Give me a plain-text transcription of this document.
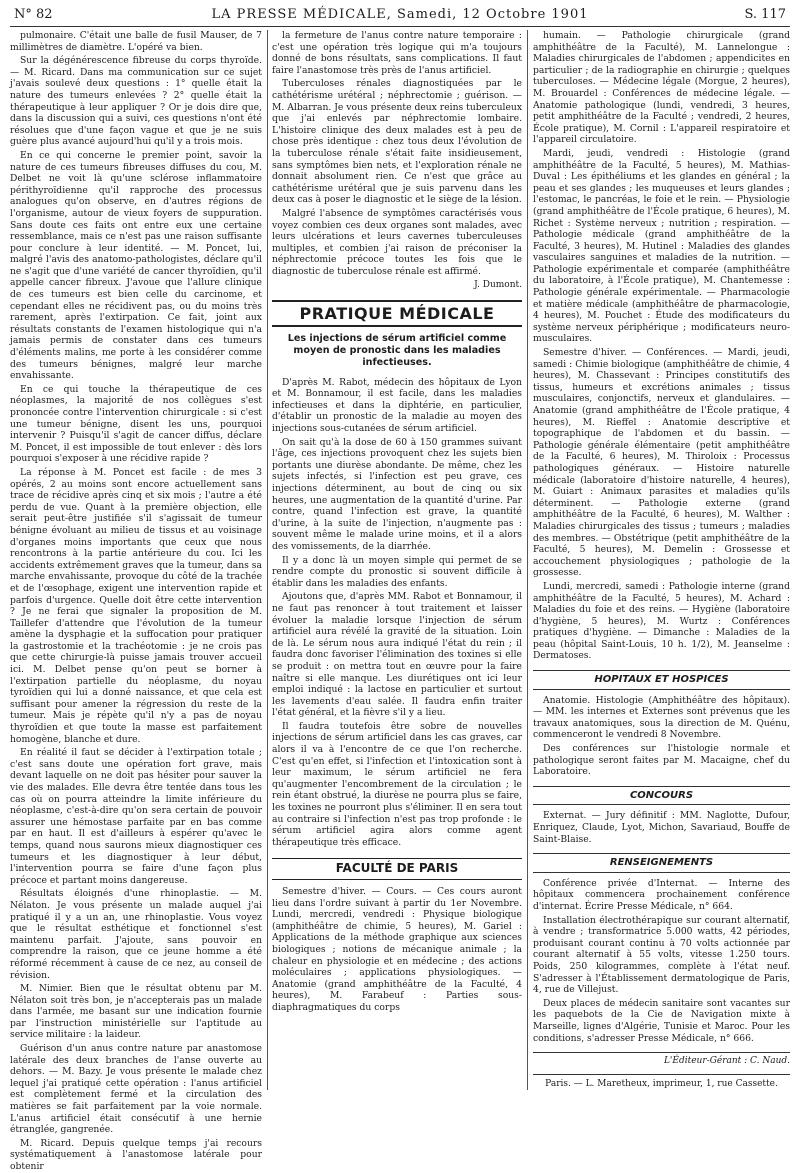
N° 82	LA PRESSE MÉDICALE, Samedi, 12 Octobre 1901	S. 117

pulmonaire. C'était une balle de fusil Mauser, de 7 millimètres de diamètre. L'opéré va bien.

Sur la dégénérescence fibreuse du corps thyroïde. — M. Ricard. Dans ma communication sur ce sujet j'avais soulevé deux questions : 1° quelle était la nature des tumeurs enlevées ? 2° quelle était la thérapeutique à leur appliquer ? Or je dois dire que, dans la discussion qui a suivi, ces questions n'ont été résolues que d'une façon vague et que je ne suis guère plus avancé aujourd'hui qu'il y a trois mois.

En ce qui concerne le premier point, savoir la nature de ces tumeurs fibreuses diffuses du cou, M. Delbet ne voit là qu'une sclérose inflammatoire périthyroïdienne qu'il rapproche des processus analogues qu'on observe, en d'autres régions de l'organisme, autour de vieux foyers de suppuration. Sans doute ces faits ont entre eux une certaine ressemblance, mais ce n'est pas une raison suffisante pour conclure à leur identité. — M. Poncet, lui, malgré l'avis des anatomo-pathologistes, déclare qu'il ne s'agit que d'une variété de cancer thyroïdien, qu'il appelle cancer fibreux. J'avoue que l'allure clinique de ces tumeurs est bien celle du carcinome, et cependant elles ne récidivent pas, ou du moins très rarement, après l'extirpation. Ce fait, joint aux résultats constants de l'examen histologique qui n'a jamais permis de constater dans ces tumeurs d'éléments malins, me porte à les considérer comme des tumeurs bénignes, malgré leur marche envahissante.

En ce qui touche la thérapeutique de ces néoplasmes, la majorité de nos collègues s'est prononcée contre l'intervention chirurgicale : si c'est une tumeur bénigne, disent les uns, pourquoi intervenir ? Puisqu'il s'agit de cancer diffus, déclare M. Poncet, il est impossible de tout enlever : dès lors pourquoi s'exposer à une récidive rapide ?

La réponse à M. Poncet est facile : de mes 3 opérés, 2 au moins sont encore actuellement sans trace de récidive après cinq et six mois ; l'autre a été perdu de vue. Quant à la première objection, elle serait peut-être justifiée s'il s'agissait de tumeur bénigne évoluant au milieu de tissus et au voisinage d'organes moins importants que ceux que nous rencontrons à la partie antérieure du cou. Ici les accidents extrêmement graves que la tumeur, dans sa marche envahissante, provoque du côté de la trachée et de l'œsophage, exigent une intervention rapide et parfois d'urgence. Quelle doit être cette intervention ? Je ne ferai que signaler la proposition de M. Taillefer d'attendre que l'évolution de la tumeur amène la dysphagie et la suffocation pour pratiquer la gastrostomie et la trachéotomie : je ne crois pas que cette chirurgie-là puisse jamais trouver accueil ici. M. Delbet pense qu'on peut se borner à l'extirpation partielle du néoplasme, du noyau tyroïdien qui lui a donné naissance, et que cela est suffisant pour amener la régression du reste de la tumeur. Mais je répète qu'il n'y a pas de noyau thyroïdien et que toute la masse est parfaitement homogène, blanche et dure.

En réalité il faut se décider à l'extirpation totale ; c'est sans doute une opération fort grave, mais devant laquelle on ne doit pas hésiter pour sauver la vie des malades. Elle devra être tentée dans tous les cas où on pourra atteindre la limite inférieure du néoplasme, c'est-à-dire qu'on sera certain de pouvoir assurer une hémostase parfaite par en bas comme par en haut. Il est d'ailleurs à espérer qu'avec le temps, quand nous saurons mieux diagnostiquer ces tumeurs et les diagnostiquer à leur début, l'intervention pourra se faire d'une façon plus précoce et partant moins dangereuse.

Résultats éloignés d'une rhinoplastie. — M. Nélaton. Je vous présente un malade auquel j'ai pratiqué il y a un an, une rhinoplastie. Vous voyez que le résultat esthétique et fonctionnel s'est maintenu parfait. J'ajoute, sans pouvoir en comprendre la raison, que ce jeune homme a été réformé récemment à cause de ce nez, au conseil de révision.

M. Nimier. Bien que le résultat obtenu par M. Nélaton soit très bon, je n'accepterais pas un malade dans l'armée, me basant sur une indication fournie par l'instruction ministérielle sur l'aptitude au service militaire : la laideur.

Guérison d'un anus contre nature par anastomose latérale des deux branches de l'anse ouverte au dehors. — M. Bazy. Je vous présente le malade chez lequel j'ai pratiqué cette opération : l'anus artificiel est complètement fermé et la circulation des matières se fait parfaitement par la voie normale. L'anus artificiel était consécutif à une hernie étranglée, gangrenée.

M. Ricard. Depuis quelque temps j'ai recours systématiquement à l'anastomose latérale pour obtenir

la fermeture de l'anus contre nature temporaire : c'est une opération très logique qui m'a toujours donné de bons résultats, sans complications. Il faut faire l'anastomose très près de l'anus artificiel.

Tuberculoses rénales diagnostiquées par le cathétérisme urétéral ; néphrectomie ; guérison. — M. Albarran. Je vous présente deux reins tuberculeux que j'ai enlevés par néphrectomie lombaire. L'histoire clinique des deux malades est à peu de chose près identique : chez tous deux l'évolution de la tuberculose rénale s'était faite insidieusement, sans symptômes bien nets, et l'exploration rénale ne donnait absolument rien. Ce n'est que grâce au cathétérisme urétéral que je suis parvenu dans les deux cas à poser le diagnostic et le siège de la lésion.

Malgré l'absence de symptômes caractérisés vous voyez combien ces deux organes sont malades, avec leurs ulcérations et leurs cavernes tuberculeuses multiples, et combien j'ai raison de préconiser la néphrectomie précoce toutes les fois que le diagnostic de tuberculose rénale est affirmé.

J. Dumont.
PRATIQUE MÉDICALE
Les injections de sérum artificiel comme moyen de pronostic dans les maladies infectieuses.

D'après M. Rabot, médecin des hôpitaux de Lyon et M. Bonnamour, il est facile, dans les maladies infectieuses et dans la diphtérie, en particulier, d'établir un pronostic de la maladie au moyen des injections sous-cutanées de sérum artificiel.

On sait qu'à la dose de 60 à 150 grammes suivant l'âge, ces injections provoquent chez les sujets bien portants une diurèse abondante. De même, chez les sujets infectés, si l'infection est peu grave, ces injections déterminent, au bout de cinq ou six heures, une augmentation de la quantité d'urine. Par contre, quand l'infection est grave, la quantité d'urine, à la suite de l'injection, n'augmente pas : souvent même le malade urine moins, et il a alors des vomissements, de la diarrhée.

Il y a donc là un moyen simple qui permet de se rendre compte du pronostic si souvent difficile à établir dans les maladies des enfants.

Ajoutons que, d'après MM. Rabot et Bonnamour, il ne faut pas renoncer à tout traitement et laisser évoluer la maladie lorsque l'injection de sérum artificiel aura révélé la gravité de la situation. Loin de là. Le sérum nous aura indiqué l'état du rein ; il faudra donc favoriser l'élimination des toxines si elle se produit : on mettra tout en œuvre pour la faire naître si elle manque. Les diurétiques ont ici leur emploi indiqué : la lactose en particulier et surtout les lavements d'eau salée. Il faudra enfin traiter l'état général, et la fièvre s'il y a lieu.

Il faudra toutefois être sobre de nouvelles injections de sérum artificiel dans les cas graves, car alors il va à l'encontre de ce que l'on recherche. C'est qu'en effet, si l'infection et l'intoxication sont à leur maximum, le sérum artificiel ne fera qu'augmenter l'encombrement de la circulation ; le rein étant obstrué, la diurèse ne pourra plus se faire, les toxines ne pourront plus s'éliminer. Il en sera tout au contraire si l'infection n'est pas trop profonde : le sérum artificiel agira alors comme agent thérapeutique très efficace.

FACULTÉ DE PARIS

Semestre d'hiver. — Cours. — Ces cours auront lieu dans l'ordre suivant à partir du 1er Novembre. Lundi, mercredi, vendredi : Physique biologique (amphithéâtre de chimie, 5 heures), M. Gariel : Applications de la méthode graphique aux sciences biologiques ; notions de mécanique animale ; la chaleur en physiologie et en médecine ; des actions moléculaires ; applications physiologiques. — Anatomie (grand amphithéâtre de la Faculté, 4 heures), M. Farabeuf : Parties sous-diaphragmatiques du corps

humain. — Pathologie chirurgicale (grand amphithéâtre de la Faculté), M. Lannelongue : Maladies chirurgicales de l'abdomen ; appendicites en particulier ; de la radiographie en chirurgie ; quelques tuberculoses. — Médecine légale (Morgue, 2 heures), M. Brouardel : Conférences de médecine légale. — Anatomie pathologique (lundi, vendredi, 3 heures, petit amphithéâtre de la Faculté ; vendredi, 2 heures, École pratique), M. Cornil : L'appareil respiratoire et l'appareil circulatoire.

Mardi, jeudi, vendredi : Histologie (grand amphithéâtre de la Faculté, 5 heures), M. Mathias-Duval : Les épithéliums et les glandes en général ; la peau et ses glandes ; les muqueuses et leurs glandes ; l'estomac, le pancréas, le foie et le rein. — Physiologie (grand amphithéâtre de l'École pratique, 6 heures), M. Richet : Système nerveux ; nutrition ; respiration. — Pathologie médicale (grand amphithéâtre de la Faculté, 3 heures), M. Hutinel : Maladies des glandes vasculaires sanguines et maladies de la nutrition. — Pathologie expérimentale et comparée (amphithéâtre du laboratoire, à l'École pratique), M. Chantemesse : Pathologie générale expérimentale. — Pharmacologie et matière médicale (amphithéâtre de pharmacologie, 4 heures), M. Pouchet : Étude des modificateurs du système nerveux périphérique ; modificateurs neuro-musculaires.

Semestre d'hiver. — Conférences. — Mardi, jeudi, samedi : Chimie biologique (amphithéâtre de chimie, 4 heures), M. Chassevant : Principes constitutifs des tissus, humeurs et excrétions animales ; tissus musculaires, conjonctifs, nerveux et glandulaires. — Anatomie (grand amphithéâtre de l'École pratique, 4 heures), M. Rieffel : Anatomie descriptive et topographique de l'abdomen et du bassin. — Pathologie générale élémentaire (petit amphithéâtre de la Faculté, 6 heures), M. Thiroloix : Processus pathologiques généraux. — Histoire naturelle médicale (laboratoire d'histoire naturelle, 4 heures), M. Guiart : Animaux parasites et maladies qu'ils déterminent. — Pathologie externe (grand amphithéâtre de la Faculté, 6 heures), M. Walther : Maladies chirurgicales des tissus ; tumeurs ; maladies des membres. — Obstétrique (petit amphithéâtre de la Faculté, 5 heures), M. Demelin : Grossesse et accouchement physiologiques ; pathologie de la grossesse.

Lundi, mercredi, samedi : Pathologie interne (grand amphithéâtre de la Faculté, 5 heures), M. Achard : Maladies du foie et des reins. — Hygiène (laboratoire d'hygiène, 5 heures), M. Wurtz : Conférences pratiques d'hygiène. — Dimanche : Maladies de la peau (hôpital Saint-Louis, 10 h. 1/2), M. Jeanselme : Dermatoses.

HOPITAUX ET HOSPICES

Anatomie. Histologie (Amphithéâtre des hôpitaux). — MM. les internes et Externes sont prévenus que les travaux anatomiques, sous la direction de M. Quénu, commenceront le vendredi 8 Novembre.

Des conférences sur l'histologie normale et pathologique seront faites par M. Macaigne, chef du Laboratoire.

CONCOURS

Externat. — Jury définitif : MM. Naglotte, Dufour, Enriquez, Claude, Lyot, Michon, Savariaud, Bouffe de Saint-Blaise.

RENSEIGNEMENTS

Conférence privée d'Internat. — Interne des hôpitaux commencera prochainement conférence d'internat. Écrire Presse Médicale, n° 664.

Installation électrothérapique sur courant alternatif, à vendre ; transformatrice 5.000 watts, 42 périodes, produisant courant continu à 70 volts actionnée par courant alternatif à 55 volts, vitesse 1.250 tours. Poids, 250 kilogrammes, complète à l'état neuf. S'adresser à l'Établissement dermatologique de Paris, 4, rue de Villejust.

Deux places de médecin sanitaire sont vacantes sur les paquebots de la Cie de Navigation mixte à Marseille, lignes d'Algérie, Tunisie et Maroc. Pour les conditions, s'adresser Presse Médicale, n° 666.

L'Éditeur-Gérant : C. Naud.
Paris. — L. Maretheux, imprimeur, 1, rue Cassette.
